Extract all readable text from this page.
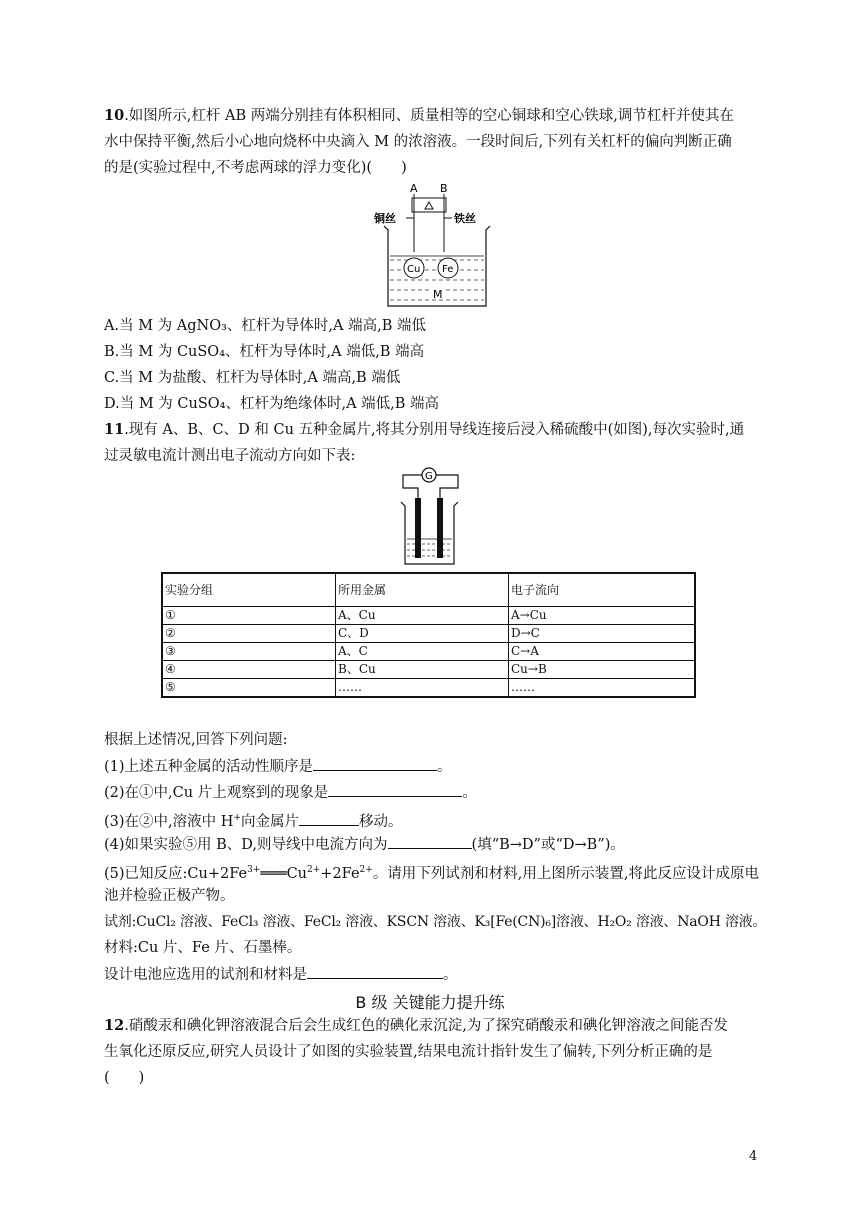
10.如图所示,杠杆 AB 两端分别挂有体积相同、质量相等的空心铜球和空心铁球,调节杠杆并使其在
水中保持平衡,然后小心地向烧杯中央滴入 M 的浓溶液。一段时间后,下列有关杠杆的偏向判断正确
的是(实验过程中,不考虑两球的浮力变化)(　　)
A B
铜丝	铁丝
Cu Fe
M
A.当 M 为 AgNO₃、杠杆为导体时,A 端高,B 端低
B.当 M 为 CuSO₄、杠杆为导体时,A 端低,B 端高
C.当 M 为盐酸、杠杆为导体时,A 端高,B 端低
D.当 M 为 CuSO₄、杠杆为绝缘体时,A 端低,B 端高
11.现有 A、B、C、D 和 Cu 五种金属片,将其分别用导线连接后浸入稀硫酸中(如图),每次实验时,通
过灵敏电流计测出电子流动方向如下表:
G
实验分组	所用金属	电子流向
①	A、Cu	A→Cu
②	C、D	D→C
③	A、C	C→A
④	B、Cu	Cu→B
⑤	……	……
根据上述情况,回答下列问题:
(1)上述五种金属的活动性顺序是	。
(2)在①中,Cu 片上观察到的现象是	。
(3)在②中,溶液中 H+向金属片	移动。
(4)如果实验⑤用 B、D,则导线中电流方向为	(填“B→D”或“D→B”)。
(5)已知反应$:Cu+2Fe^{3+}═══Cu^{2+}+2Fe^{2+}$。请用下列试剂和材料,用上图所示装置,将此反应设计成原电
池并检验正极产物。
试剂:CuCl₂ 溶液、FeCl₃ 溶液、FeCl₂ 溶液、KSCN 溶液、K₃[Fe(CN)₆]溶液、H₂O₂ 溶液、NaOH 溶液。
材料:Cu 片、Fe 片、石墨棒。
设计电池应选用的试剂和材料是	。
B 级 关键能力提升练
12.硝酸汞和碘化钾溶液混合后会生成红色的碘化汞沉淀,为了探究硝酸汞和碘化钾溶液之间能否发
生氧化还原反应,研究人员设计了如图的实验装置,结果电流计指针发生了偏转,下列分析正确的是
(　　)
4
